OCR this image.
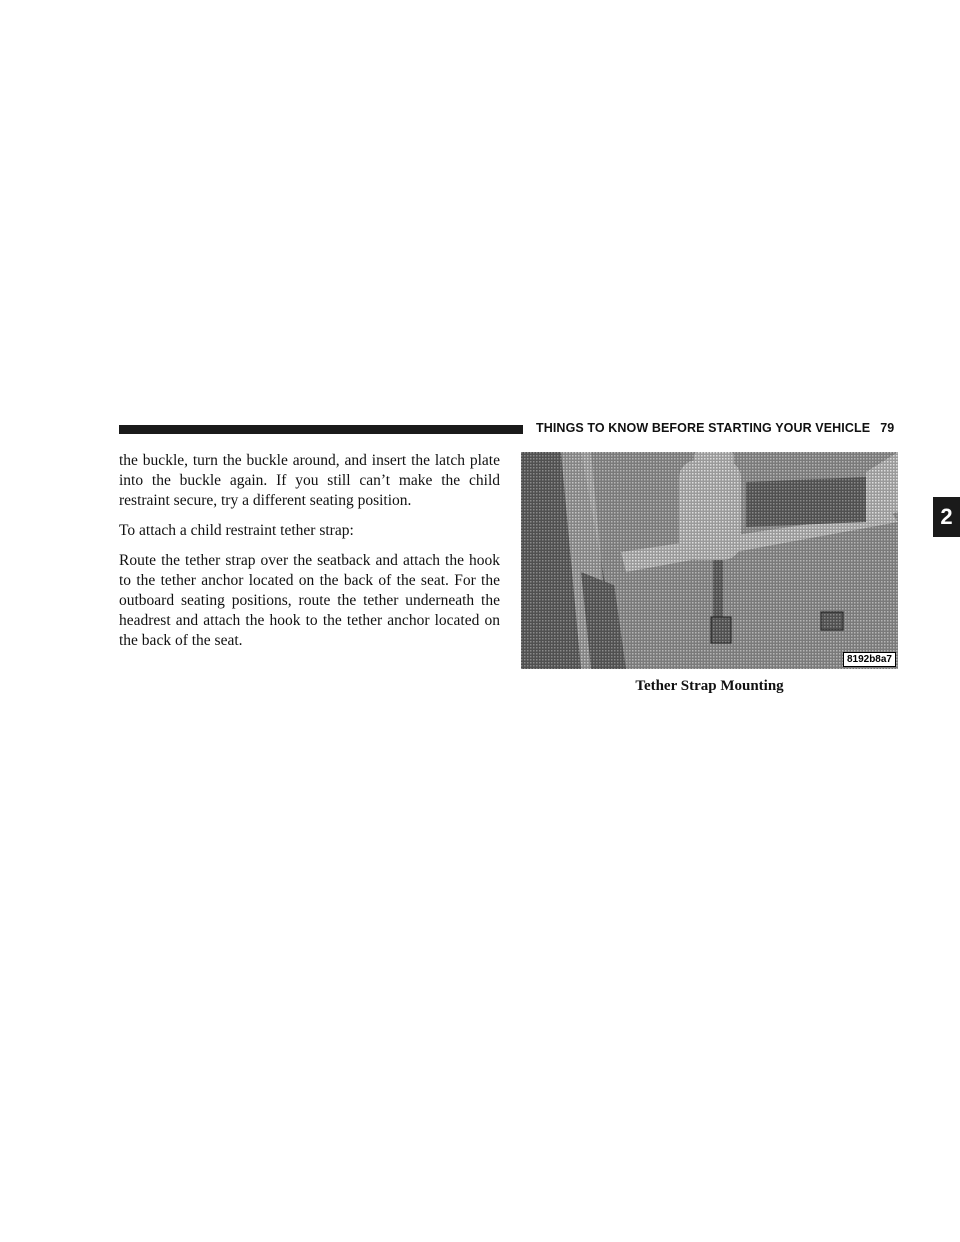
THINGS TO KNOW BEFORE STARTING YOUR VEHICLE 79
2

the buckle, turn the buckle around, and insert the latch plate into the buckle again. If you still can’t make the child restraint secure, try a different seating position.

To attach a child restraint tether strap:

Route the tether strap over the seatback and attach the hook to the tether anchor located on the back of the seat. For the outboard seating positions, route the tether underneath the headrest and attach the hook to the tether anchor located on the back of the seat.

8192b8a7
Tether Strap Mounting
